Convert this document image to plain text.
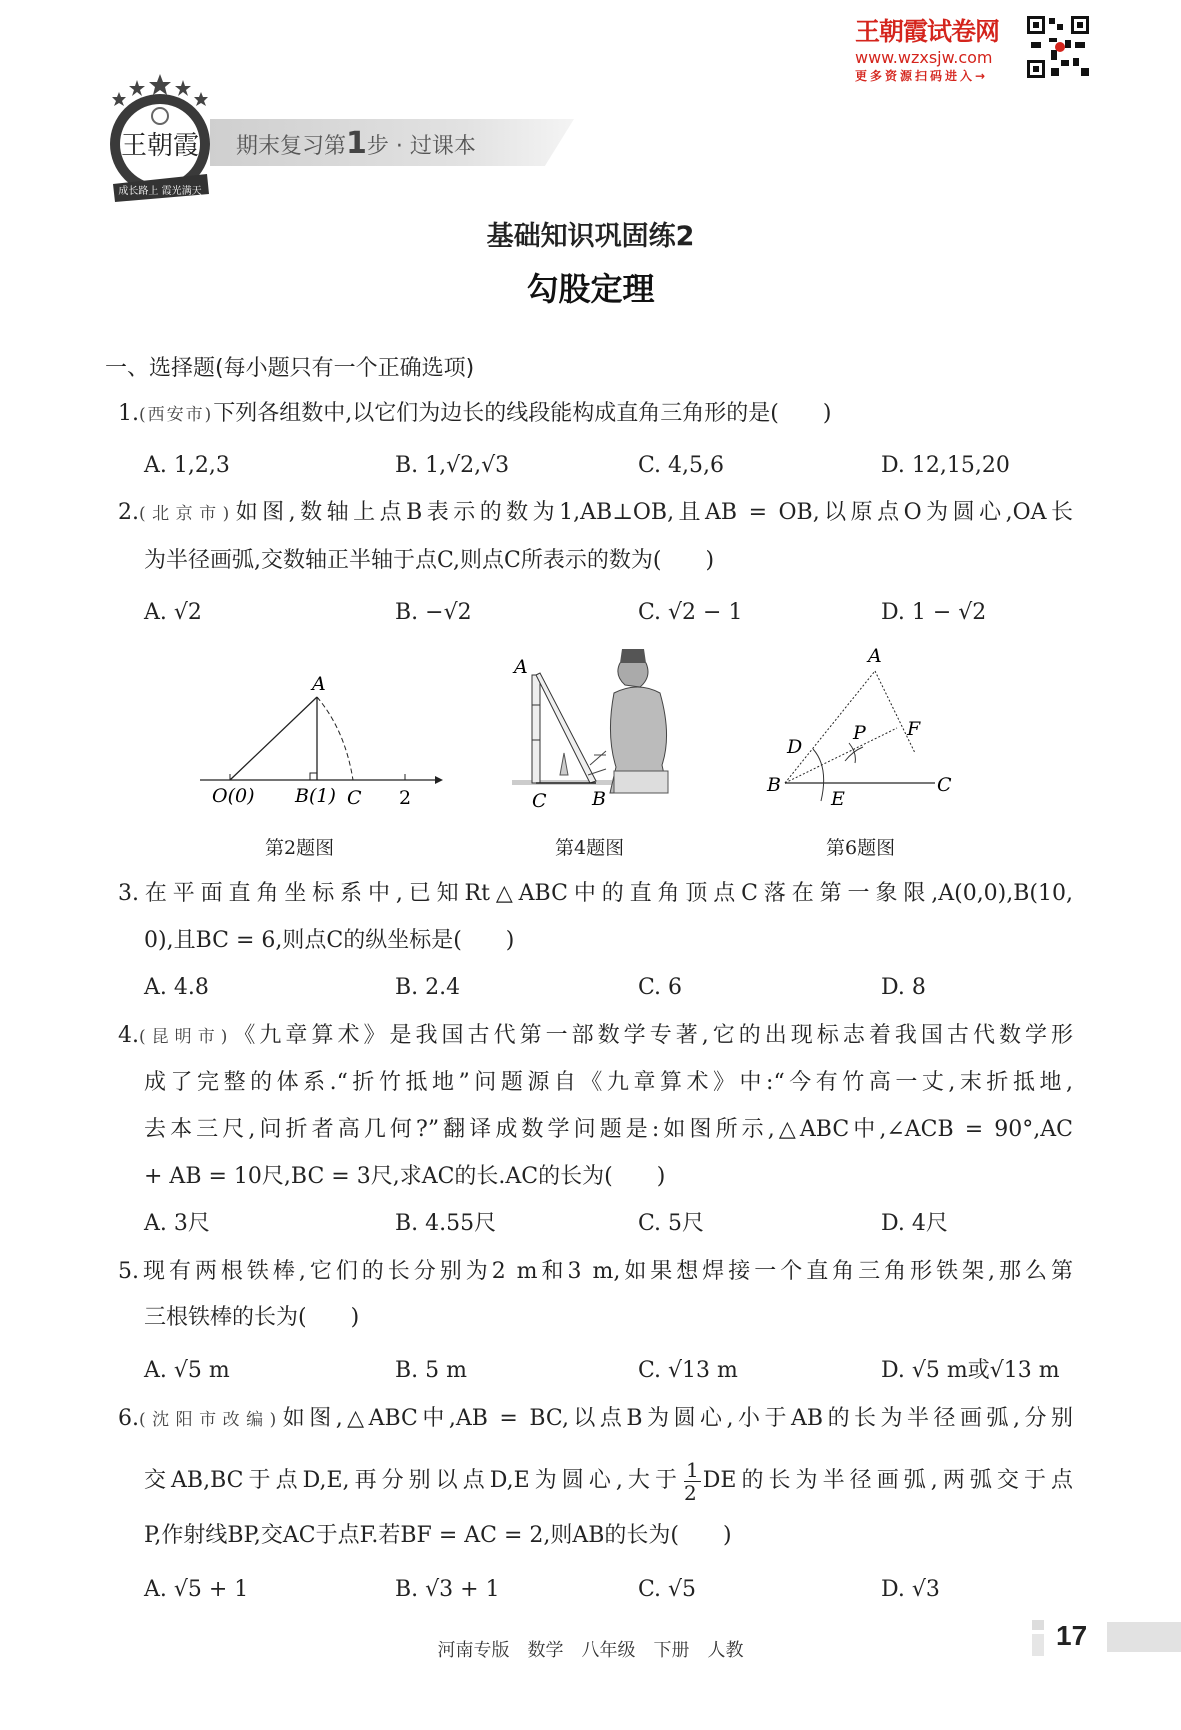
王朝霞试卷网
www.wzxsjw.com
更多资源扫码进入→
王朝霞
成长路上 霞光满天
期末复习第1步 · 过课本
基础知识巩固练2
勾股定理
一、选择题(每小题只有一个正确选项)
1.(西安市)下列各组数中,以它们为边长的线段能构成直角三角形的是(　　)
A. 1,2,3	B. 1,√2,√3	C. 4,5,6	D. 12,15,20
2.(北京市)如图,数轴上点B表示的数为1,AB⊥OB,且AB = OB,以原点O为圆心,OA长
为半径画弧,交数轴正半轴于点C,则点C所表示的数为(　　)
A. √2	B. −√2	C. √2 − 1	D. 1 − √2
A
O(0) B(1) C 2
第2题图
A
C B
第4题图
A
B	C
D
E
F
P
第6题图
3.在平面直角坐标系中,已知Rt△ABC中的直角顶点C落在第一象限,A(0,0),B(10,
0),且BC = 6,则点C的纵坐标是(　　)
A. 4.8	B. 2.4	C. 6	D. 8
4.(昆明市)《九章算术》是我国古代第一部数学专著,它的出现标志着我国古代数学形
成了完整的体系.“折竹抵地”问题源自《九章算术》中:“今有竹高一丈,末折抵地,
去本三尺,问折者高几何?”翻译成数学问题是:如图所示,△ABC中,∠ACB = 90°,AC
+ AB = 10尺,BC = 3尺,求AC的长.AC的长为(　　)
A. 3尺	B. 4.55尺	C. 5尺	D. 4尺
5.现有两根铁棒,它们的长分别为2 m和3 m,如果想焊接一个直角三角形铁架,那么第
三根铁棒的长为(　　)
A. √5 m	B. 5 m	C. √13 m	D. √5 m或√13 m
6.(沈阳市改编)如图,△ABC中,AB = BC,以点B为圆心,小于AB的长为半径画弧,分别
交AB,BC于点D,E,再分别以点D,E为圆心,大于 $\frac{1}{2}$ DE的长为半径画弧,两弧交于点
P,作射线BP,交AC于点F.若BF = AC = 2,则AB的长为(　　)
A. √5 + 1	B. √3 + 1	C. √5	D. √3
河南专版　数学　八年级　下册　人教	17
